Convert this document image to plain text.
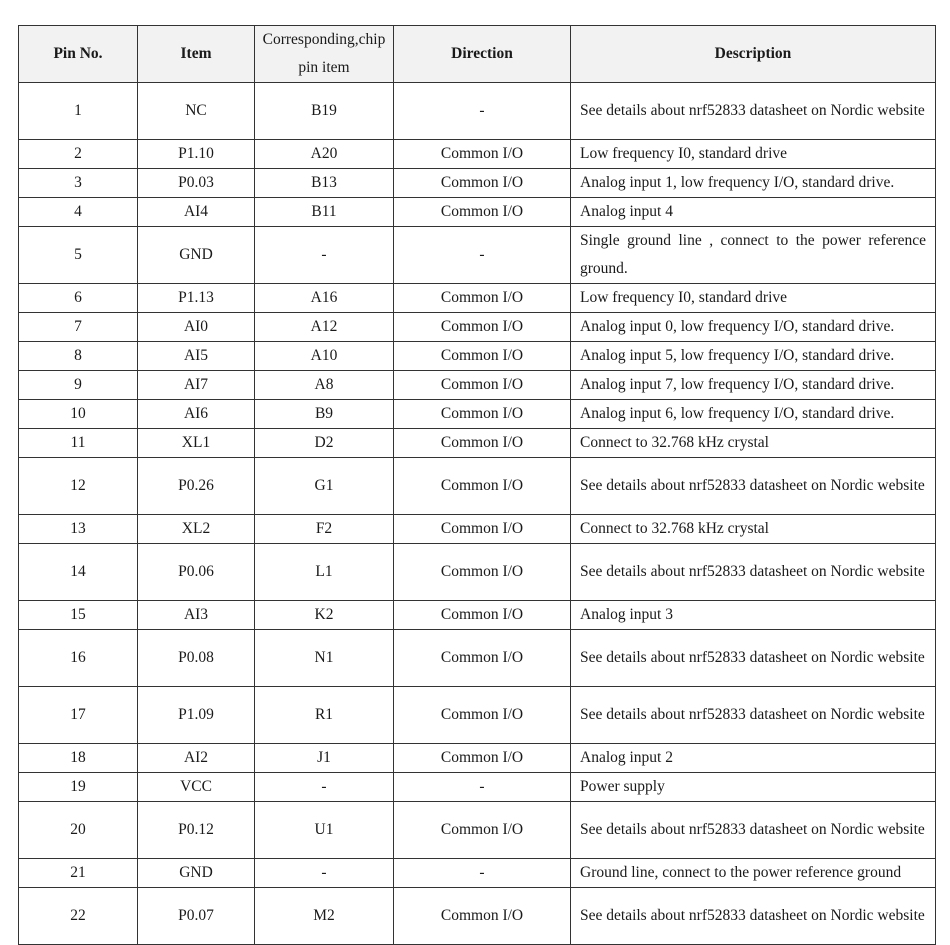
Pin No.	Item	Corresponding,chip pin item	Direction	Description
1	NC	B19	-	See details about nrf52833 datasheet on Nordic website
2	P1.10	A20	Common I/O	Low frequency I0, standard drive
3	P0.03	B13	Common I/O	Analog input 1, low frequency I/O, standard drive.
4	AI4	B11	Common I/O	Analog input 4
5	GND	-	-	Single ground line , connect to the power reference ground.
6	P1.13	A16	Common I/O	Low frequency I0, standard drive
7	AI0	A12	Common I/O	Analog input 0, low frequency I/O, standard drive.
8	AI5	A10	Common I/O	Analog input 5, low frequency I/O, standard drive.
9	AI7	A8	Common I/O	Analog input 7, low frequency I/O, standard drive.
10	AI6	B9	Common I/O	Analog input 6, low frequency I/O, standard drive.
11	XL1	D2	Common I/O	Connect to 32.768 kHz crystal
12	P0.26	G1	Common I/O	See details about nrf52833 datasheet on Nordic website
13	XL2	F2	Common I/O	Connect to 32.768 kHz crystal
14	P0.06	L1	Common I/O	See details about nrf52833 datasheet on Nordic website
15	AI3	K2	Common I/O	Analog input 3
16	P0.08	N1	Common I/O	See details about nrf52833 datasheet on Nordic website
17	P1.09	R1	Common I/O	See details about nrf52833 datasheet on Nordic website
18	AI2	J1	Common I/O	Analog input 2
19	VCC	-	-	Power supply
20	P0.12	U1	Common I/O	See details about nrf52833 datasheet on Nordic website
21	GND	-	-	Ground line, connect to the power reference ground
22	P0.07	M2	Common I/O	See details about nrf52833 datasheet on Nordic website
